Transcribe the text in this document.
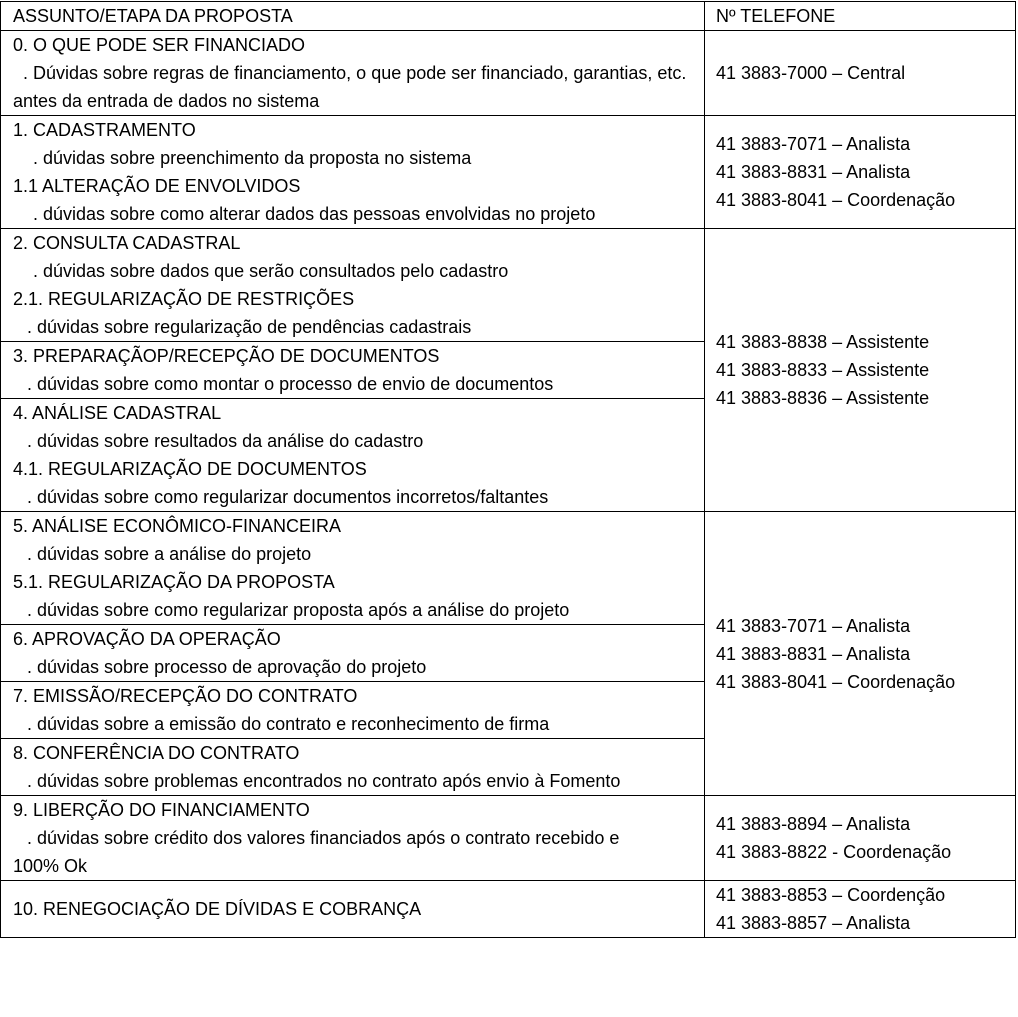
ASSUNTO/ETAPA DA PROPOSTA	Nº TELEFONE

0. O QUE PODE SER FINANCIADO
. Dúvidas sobre regras de financiamento, o que pode ser financiado, garantias, etc. antes da entrada de dados no sistema	41 3883-7000 – Central

1. CADASTRAMENTO
. dúvidas sobre preenchimento da proposta no sistema
1.1 ALTERAÇÃO DE ENVOLVIDOS
. dúvidas sobre como alterar dados das pessoas envolvidas no projeto	41 3883-7071 – Analista
41 3883-8831 – Analista
41 3883-8041 – Coordenação

2. CONSULTA CADASTRAL
. dúvidas sobre dados que serão consultados pelo cadastro
2.1. REGULARIZAÇÃO DE RESTRIÇÕES
. dúvidas sobre regularização de pendências cadastrais	41 3883-8838 – Assistente
41 3883-8833 – Assistente
41 3883-8836 – Assistente

3. PREPARAÇÃOP/RECEPÇÃO DE DOCUMENTOS
. dúvidas sobre como montar o processo de envio de documentos	

4. ANÁLISE CADASTRAL
. dúvidas sobre resultados da análise do cadastro
4.1. REGULARIZAÇÃO DE DOCUMENTOS
. dúvidas sobre como regularizar documentos incorretos/faltantes	

5. ANÁLISE ECONÔMICO-FINANCEIRA
. dúvidas sobre a análise do projeto
5.1. REGULARIZAÇÃO DA PROPOSTA
. dúvidas sobre como regularizar proposta após a análise do projeto	41 3883-7071 – Analista
41 3883-8831 – Analista
41 3883-8041 – Coordenação

6. APROVAÇÃO DA OPERAÇÃO
. dúvidas sobre processo de aprovação do projeto	

7. EMISSÃO/RECEPÇÃO DO CONTRATO
. dúvidas sobre a emissão do contrato e reconhecimento de firma	

8. CONFERÊNCIA DO CONTRATO
. dúvidas sobre problemas encontrados no contrato após envio à Fomento	

9. LIBERÇÃO DO FINANCIAMENTO
. dúvidas sobre crédito dos valores financiados após o contrato recebido e 100% Ok	41 3883-8894 – Analista
41 3883-8822 - Coordenação

10. RENEGOCIAÇÃO DE DÍVIDAS E COBRANÇA	41 3883-8853 – Coordenção
41 3883-8857 – Analista
